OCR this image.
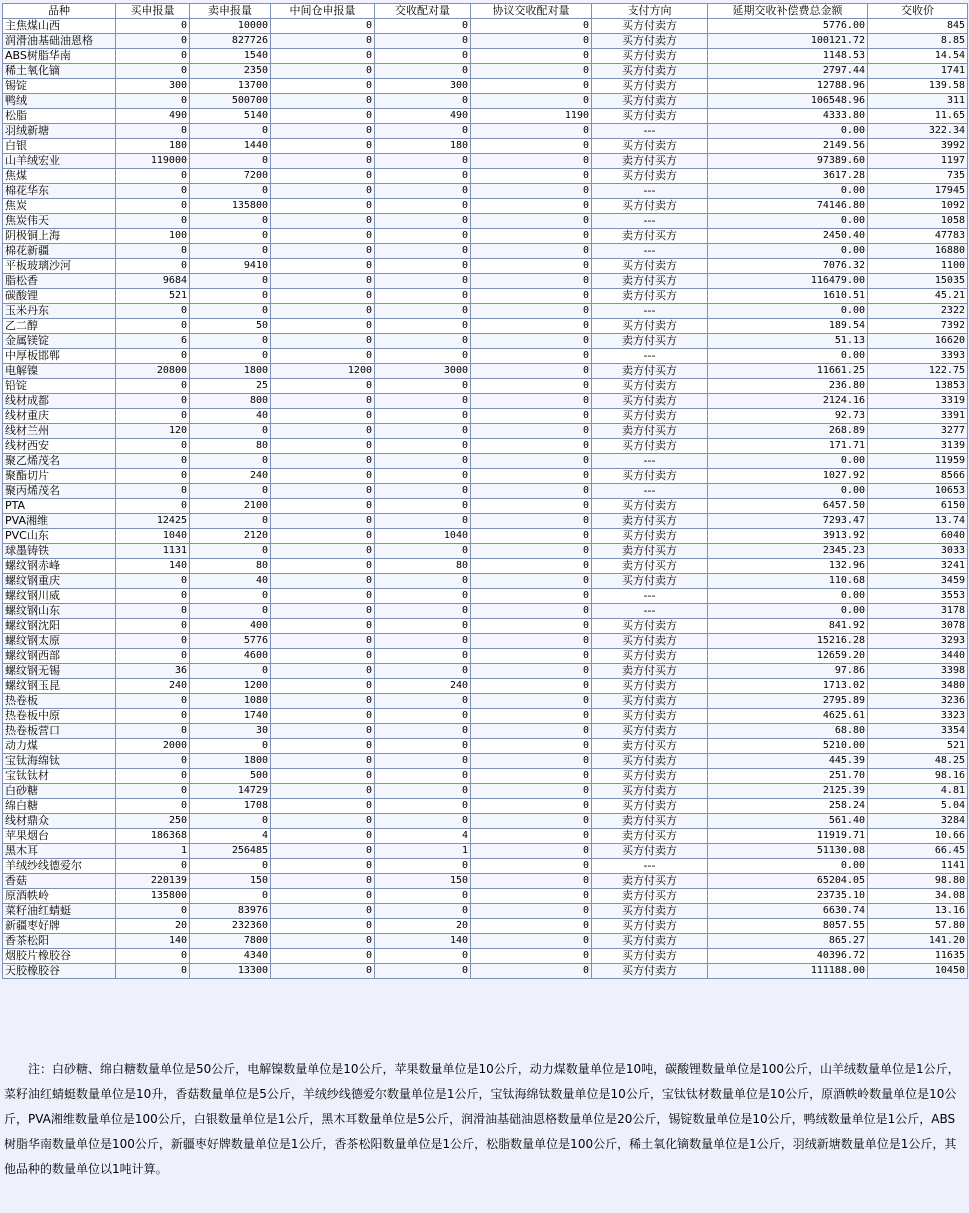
品种	买申报量	卖申报量	中间仓申报量	交收配对量	协议交收配对量	支付方向	延期交收补偿费总金额	交收价
主焦煤山西	0	10000	0	0	0	买方付卖方	5776.00	845
润滑油基础油恩格	0	827726	0	0	0	买方付卖方	100121.72	8.85
ABS树脂华南	0	1540	0	0	0	买方付卖方	1148.53	14.54
稀土氧化镝	0	2350	0	0	0	买方付卖方	2797.44	1741
锡锭	300	13700	0	300	0	买方付卖方	12788.96	139.58
鸭绒	0	500700	0	0	0	买方付卖方	106548.96	311
松脂	490	5140	0	490	1190	买方付卖方	4333.80	11.65
羽绒新塘	0	0	0	0	0	---	0.00	322.34
白银	180	1440	0	180	0	买方付卖方	2149.56	3992
山羊绒宏业	119000	0	0	0	0	卖方付买方	97389.60	1197
焦煤	0	7200	0	0	0	买方付卖方	3617.28	735
棉花华东	0	0	0	0	0	---	0.00	17945
焦炭	0	135800	0	0	0	买方付卖方	74146.80	1092
焦炭伟天	0	0	0	0	0	---	0.00	1058
阴极铜上海	100	0	0	0	0	卖方付买方	2450.40	47783
棉花新疆	0	0	0	0	0	---	0.00	16880
平板玻璃沙河	0	9410	0	0	0	买方付卖方	7076.32	1100
脂松香	9684	0	0	0	0	卖方付买方	116479.00	15035
碳酸锂	521	0	0	0	0	卖方付买方	1610.51	45.21
玉米丹东	0	0	0	0	0	---	0.00	2322
乙二醇	0	50	0	0	0	买方付卖方	189.54	7392
金属镁锭	6	0	0	0	0	卖方付买方	51.13	16620
中厚板邯郸	0	0	0	0	0	---	0.00	3393
电解镍	20800	1800	1200	3000	0	卖方付买方	11661.25	122.75
铅锭	0	25	0	0	0	买方付卖方	236.80	13853
线材成都	0	800	0	0	0	买方付卖方	2124.16	3319
线材重庆	0	40	0	0	0	买方付卖方	92.73	3391
线材兰州	120	0	0	0	0	卖方付买方	268.89	3277
线材西安	0	80	0	0	0	买方付卖方	171.71	3139
聚乙烯茂名	0	0	0	0	0	---	0.00	11959
聚酯切片	0	240	0	0	0	买方付卖方	1027.92	8566
聚丙烯茂名	0	0	0	0	0	---	0.00	10653
PTA	0	2100	0	0	0	买方付卖方	6457.50	6150
PVA湘维	12425	0	0	0	0	卖方付买方	7293.47	13.74
PVC山东	1040	2120	0	1040	0	买方付卖方	3913.92	6040
球墨铸铁	1131	0	0	0	0	卖方付买方	2345.23	3033
螺纹钢赤峰	140	80	0	80	0	卖方付买方	132.96	3241
螺纹钢重庆	0	40	0	0	0	买方付卖方	110.68	3459
螺纹钢川威	0	0	0	0	0	---	0.00	3553
螺纹钢山东	0	0	0	0	0	---	0.00	3178
螺纹钢沈阳	0	400	0	0	0	买方付卖方	841.92	3078
螺纹钢太原	0	5776	0	0	0	买方付卖方	15216.28	3293
螺纹钢西部	0	4600	0	0	0	买方付卖方	12659.20	3440
螺纹钢无锡	36	0	0	0	0	卖方付买方	97.86	3398
螺纹钢玉昆	240	1200	0	240	0	买方付卖方	1713.02	3480
热卷板	0	1080	0	0	0	买方付卖方	2795.89	3236
热卷板中原	0	1740	0	0	0	买方付卖方	4625.61	3323
热卷板营口	0	30	0	0	0	买方付卖方	68.80	3354
动力煤	2000	0	0	0	0	卖方付买方	5210.00	521
宝钛海绵钛	0	1800	0	0	0	买方付卖方	445.39	48.25
宝钛钛材	0	500	0	0	0	买方付卖方	251.70	98.16
白砂糖	0	14729	0	0	0	买方付卖方	2125.39	4.81
绵白糖	0	1708	0	0	0	买方付卖方	258.24	5.04
线材鼎众	250	0	0	0	0	卖方付买方	561.40	3284
苹果烟台	186368	4	0	4	0	卖方付买方	11919.71	10.66
黑木耳	1	256485	0	1	0	买方付卖方	51130.08	66.45
羊绒纱线德爱尔	0	0	0	0	0	---	0.00	1141
香菇	220139	150	0	150	0	卖方付买方	65204.05	98.80
原酒帙岭	135800	0	0	0	0	卖方付买方	23735.10	34.08
菜籽油红蜻蜓	0	83976	0	0	0	买方付卖方	6630.74	13.16
新疆枣好牌	20	232360	0	20	0	买方付卖方	8057.55	57.80
香茶松阳	140	7800	0	140	0	买方付卖方	865.27	141.20
烟胶片橡胶谷	0	4340	0	0	0	买方付卖方	40396.72	11635
天胶橡胶谷	0	13300	0	0	0	买方付卖方	111188.00	10450
注：白砂糖、绵白糖数量单位是50公斤，电解镍数量单位是10公斤，苹果数量单位是10公斤，动力煤数量单位是10吨，碳酸锂数量单位是100公斤，山羊绒数量单位是1公斤，菜籽油红蜻蜓数量单位是10升，香菇数量单位是5公斤，羊绒纱线德爱尔数量单位是1公斤，宝钛海绵钛数量单位是10公斤，宝钛钛材数量单位是10公斤，原酒帙岭数量单位是10公斤，PVA湘维数量单位是100公斤，白银数量单位是1公斤，黑木耳数量单位是5公斤，润滑油基础油恩格数量单位是20公斤，锡锭数量单位是10公斤，鸭绒数量单位是1公斤，ABS树脂华南数量单位是100公斤，新疆枣好牌数量单位是1公斤，香茶松阳数量单位是1公斤，松脂数量单位是100公斤，稀土氧化镝数量单位是1公斤，羽绒新塘数量单位是1公斤，其他品种的数量单位以1吨计算。
